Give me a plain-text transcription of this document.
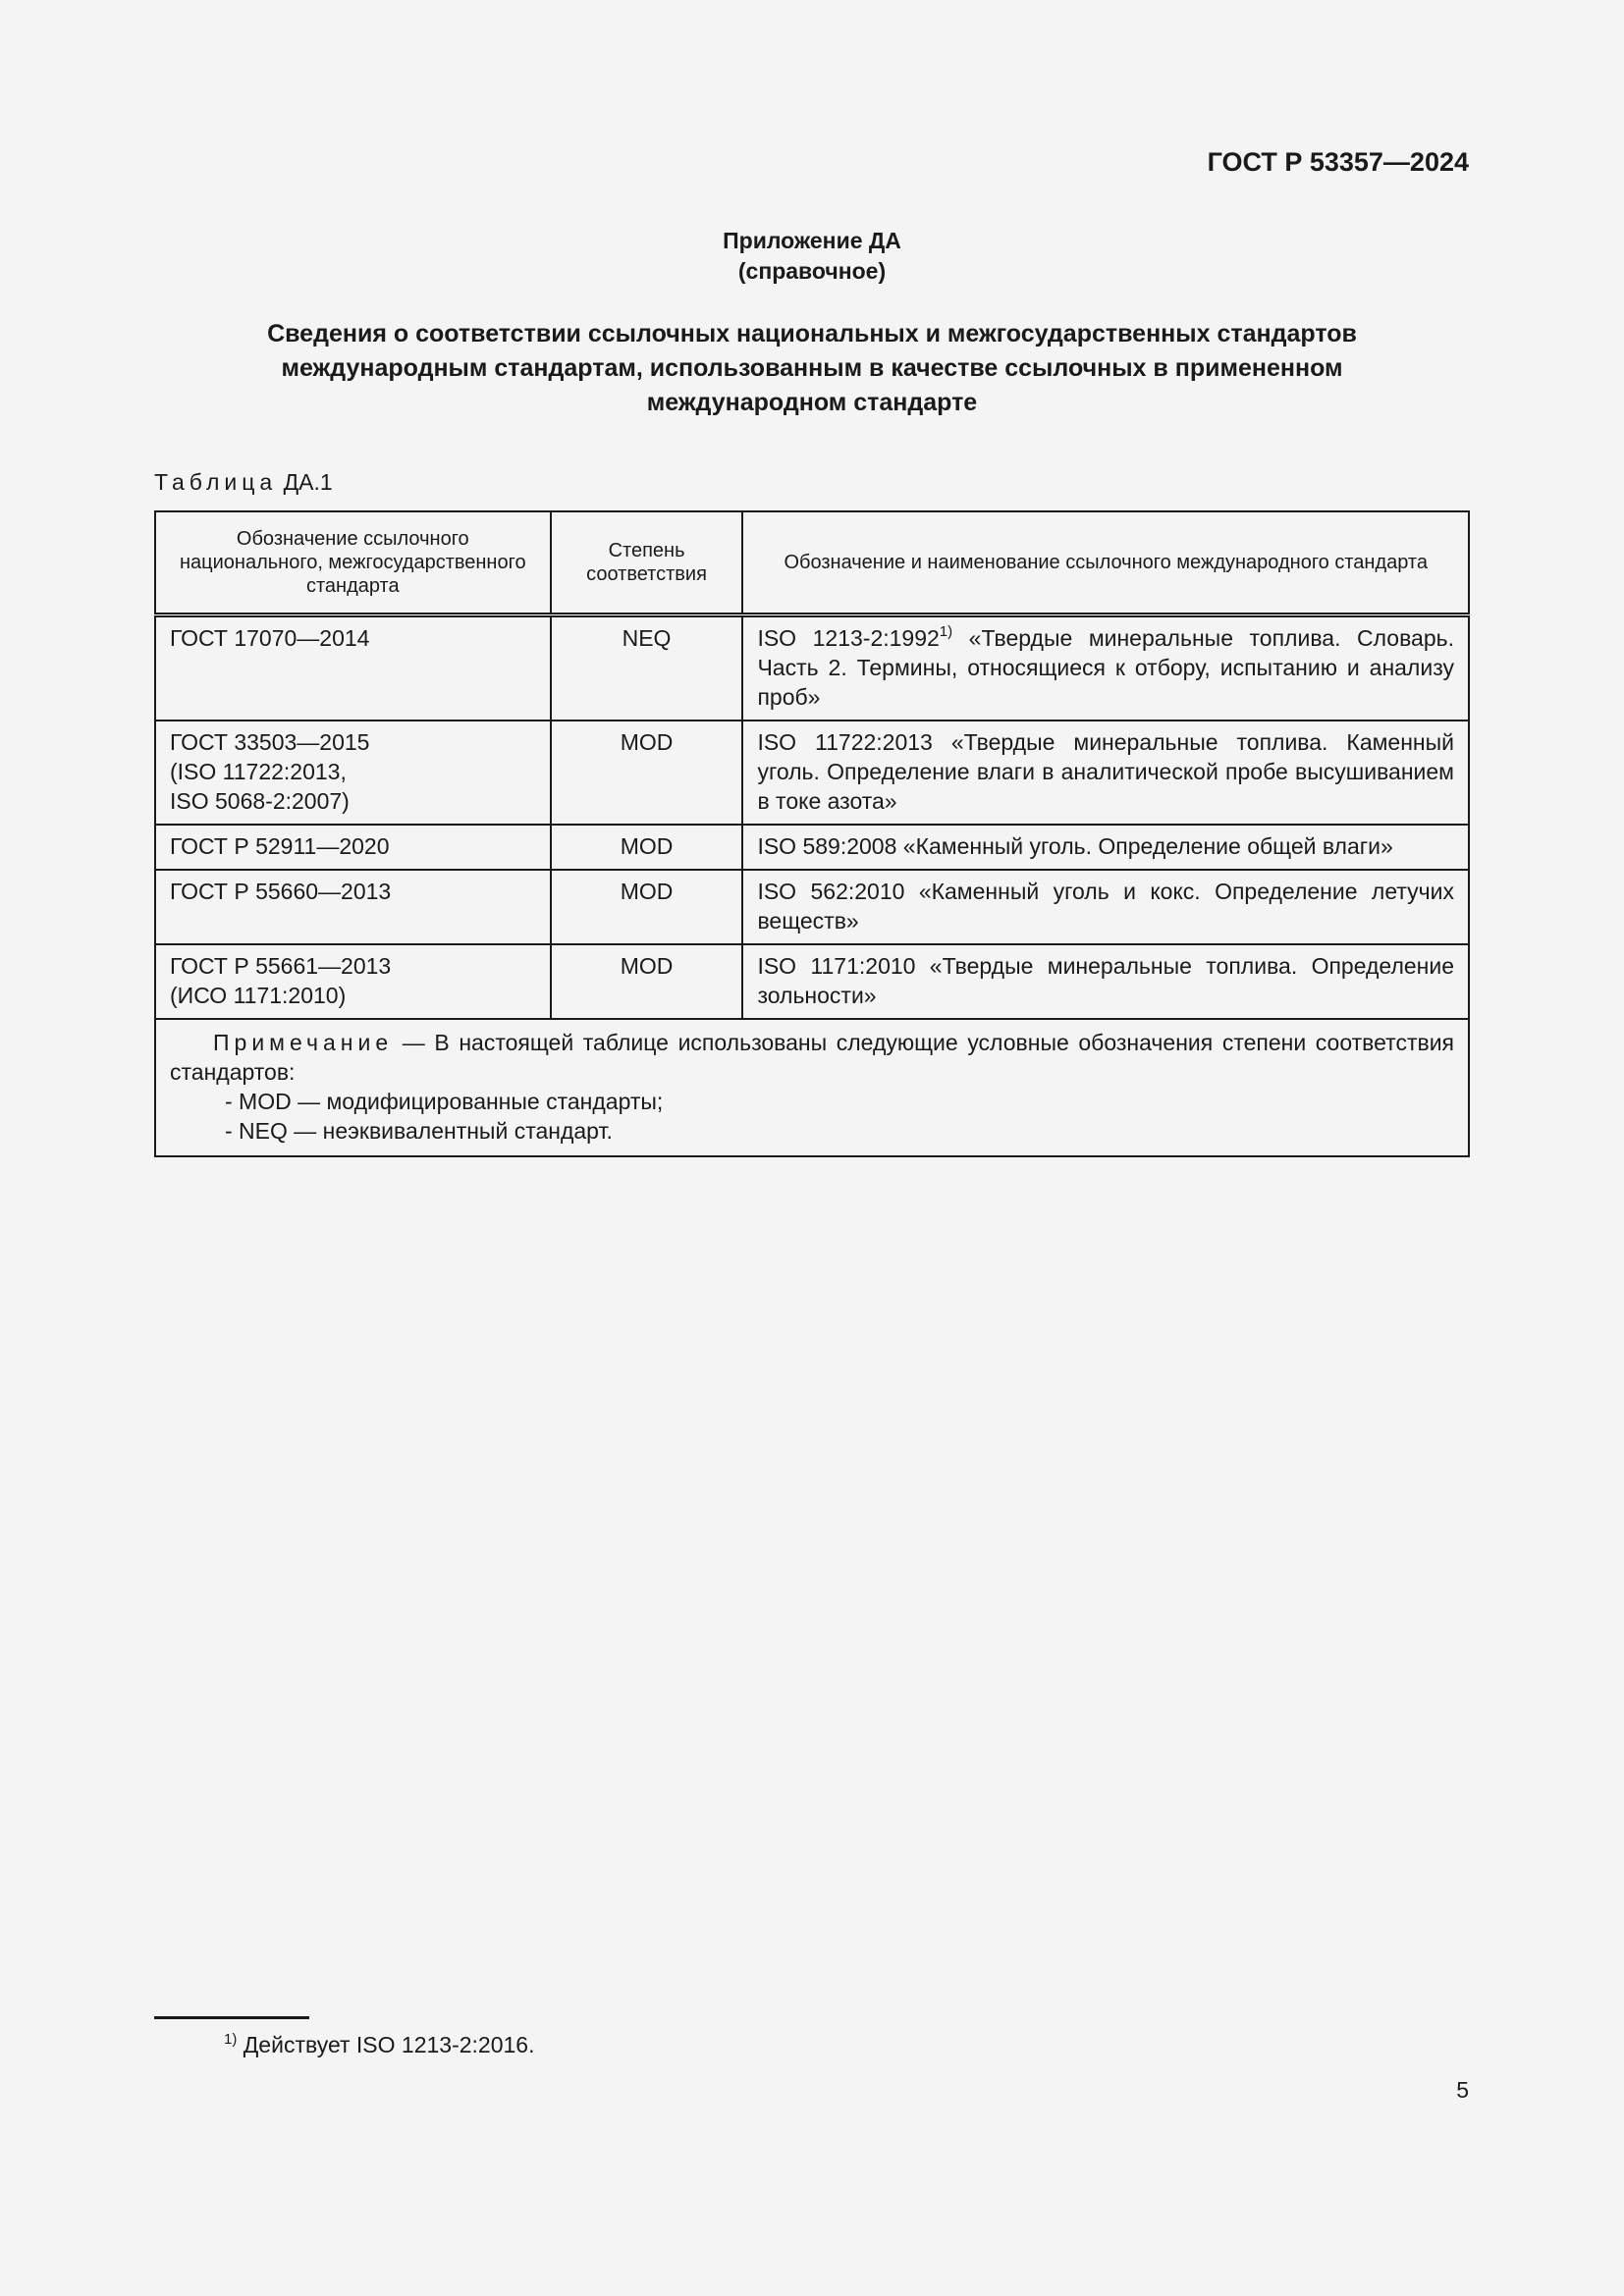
ГОСТ Р 53357—2024
Приложение ДА
(справочное)
Сведения о соответствии ссылочных национальных и межгосударственных стандартов
международным стандартам, использованным в качестве ссылочных в примененном
международном стандарте
Таблица ДА.1
Обозначение ссылочного национального, межгосударственного стандарта	Степень соответствия	Обозначение и наименование ссылочного международного стандарта

ГОСТ 17070—2014	NEQ	ISO 1213-2:1992$^{1)}$ «Твердые минеральные топлива. Словарь. Часть 2. Термины, относящиеся к отбору, испытанию и анализу проб»

ГОСТ 33503—2015
(ISO 11722:2013,
ISO 5068-2:2007)	MOD	ISO 11722:2013 «Твердые минеральные топлива. Каменный уголь. Определение влаги в аналитической пробе высушиванием в токе азота»

ГОСТ Р 52911—2020	MOD	ISO 589:2008 «Каменный уголь. Определение общей влаги»

ГОСТ Р 55660—2013	MOD	ISO 562:2010 «Каменный уголь и кокс. Определение летучих веществ»

ГОСТ Р 55661—2013
(ИСО 1171:2010)	MOD	ISO 1171:2010 «Твердые минеральные топлива. Определение зольности»

Примечание — В настоящей таблице использованы следующие условные обозначения степени соответствия стандартов:
- MOD — модифицированные стандарты;
- NEQ — неэквивалентный стандарт.		
$^{1)}$ Действует ISO 1213-2:2016.
5
